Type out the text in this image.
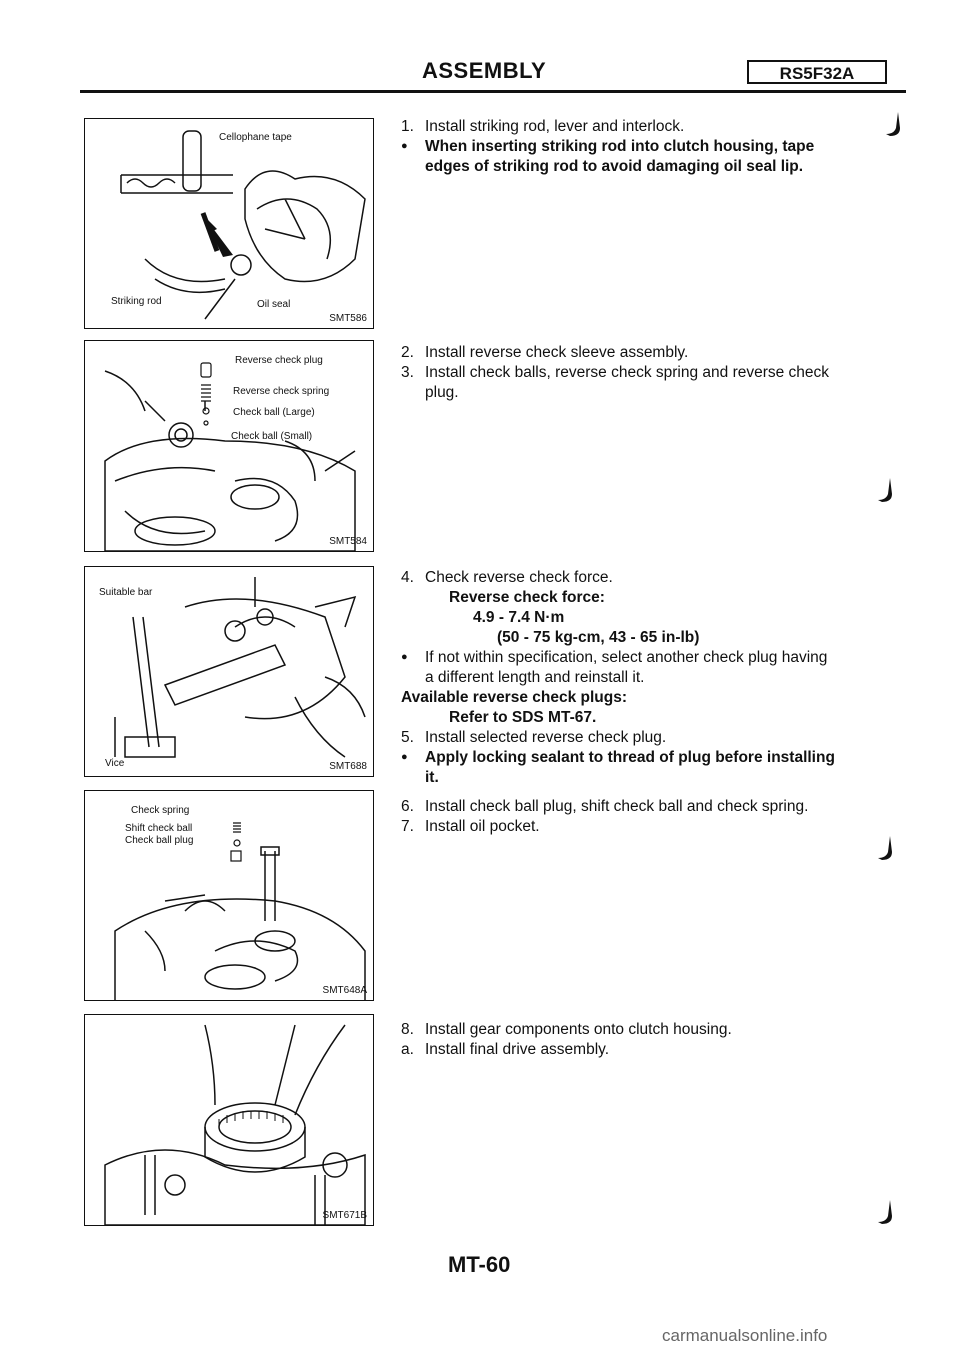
ASSEMBLY	RS5F32A
Cellophane tape
Striking rod	Oil seal
SMT586
Reverse check plug
Reverse check spring
Check ball (Large)
Check ball (Small)
SMT584
Suitable bar
Vice	SMT688
Check spring
Shift check ball
Check ball plug
SMT648A
SMT671B
1. Install striking rod, lever and interlock.
● When inserting striking rod into clutch housing, tape
edges of striking rod to avoid damaging oil seal lip.
2. Install reverse check sleeve assembly.
3. Install check balls, reverse check spring and reverse check
plug.
4. Check reverse check force.
Reverse check force:
4.9 - 7.4 N·m
(50 - 75 kg-cm, 43 - 65 in-lb)
● If not within specification, select another check plug having
a different length and reinstall it.
Available reverse check plugs:
Refer to SDS MT-67.
5. Install selected reverse check plug.
● Apply locking sealant to thread of plug before installing
it.
6. Install check ball plug, shift check ball and check spring.
7. Install oil pocket.
8. Install gear components onto clutch housing.
a. Install final drive assembly.
MT-60
carmanualsonline.info
